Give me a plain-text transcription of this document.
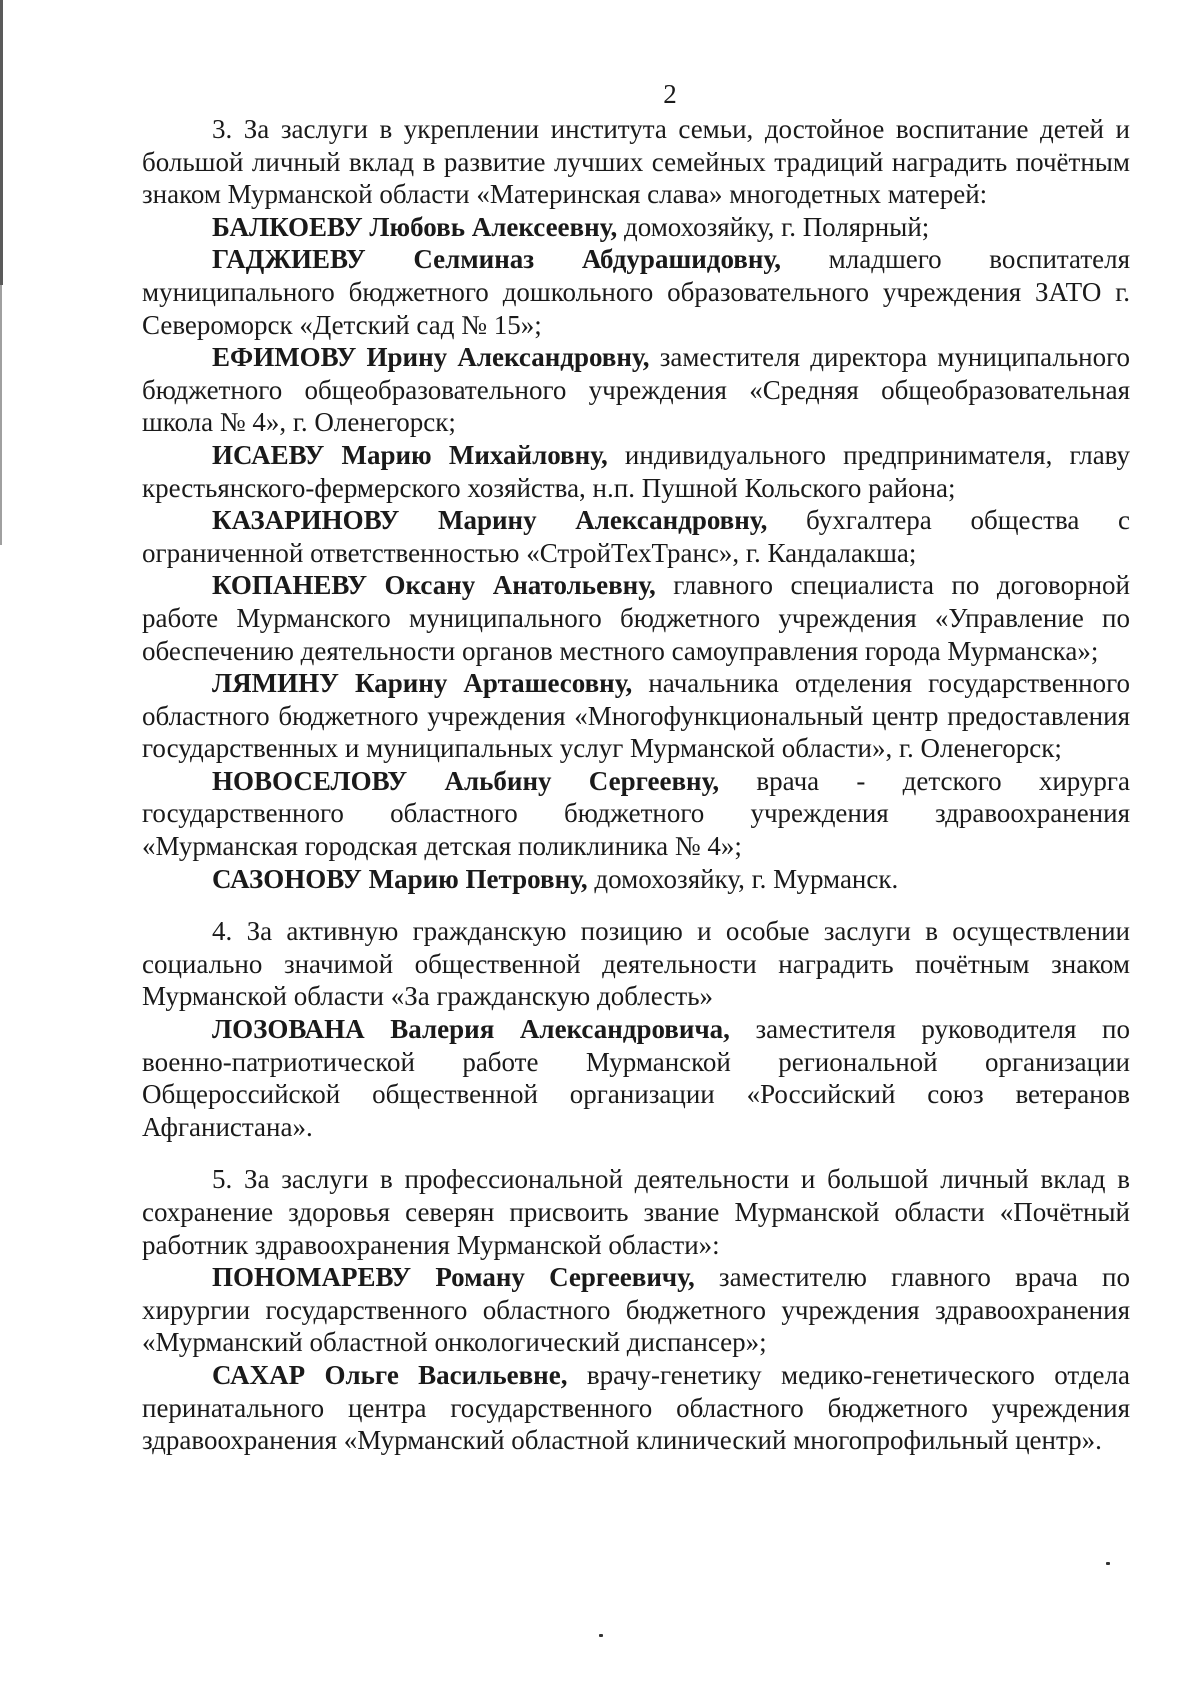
2

3. За заслуги в укреплении института семьи, достойное воспитание детей и большой личный вклад в развитие лучших семейных традиций наградить почётным знаком Мурманской области «Материнская слава» многодетных матерей:

БАЛКОЕВУ Любовь Алексеевну, домохозяйку, г. Полярный;

ГАДЖИЕВУ Селминаз Абдурашидовну, младшего воспитателя муниципального бюджетного дошкольного образовательного учреждения ЗАТО г. Североморск «Детский сад № 15»;

ЕФИМОВУ Ирину Александровну, заместителя директора муниципального бюджетного общеобразовательного учреждения «Средняя общеобразовательная школа № 4», г. Оленегорск;

ИСАЕВУ Марию Михайловну, индивидуального предпринимателя, главу крестьянского-фермерского хозяйства, н.п. Пушной Кольского района;

КАЗАРИНОВУ Марину Александровну, бухгалтера общества с ограниченной ответственностью «СтройТехТранс», г. Кандалакша;

КОПАНЕВУ Оксану Анатольевну, главного специалиста по договорной работе Мурманского муниципального бюджетного учреждения «Управление по обеспечению деятельности органов местного самоуправления города Мурманска»;

ЛЯМИНУ Карину Арташесовну, начальника отделения государственного областного бюджетного учреждения «Многофункциональный центр предоставления государственных и муниципальных услуг Мурманской области», г. Оленегорск;

НОВОСЕЛОВУ Альбину Сергеевну, врача - детского хирурга государственного областного бюджетного учреждения здравоохранения «Мурманская городская детская поликлиника № 4»;

САЗОНОВУ Марию Петровну, домохозяйку, г. Мурманск.

4. За активную гражданскую позицию и особые заслуги в осуществлении социально значимой общественной деятельности наградить почётным знаком Мурманской области «За гражданскую доблесть»

ЛОЗОВАНА Валерия Александровича, заместителя руководителя по военно-патриотической работе Мурманской региональной организации Общероссийской общественной организации «Российский союз ветеранов Афганистана».

5. За заслуги в профессиональной деятельности и большой личный вклад в сохранение здоровья северян присвоить звание Мурманской области «Почётный работник здравоохранения Мурманской области»:

ПОНОМАРЕВУ Роману Сергеевичу, заместителю главного врача по хирургии государственного областного бюджетного учреждения здравоохранения «Мурманский областной онкологический диспансер»;

САХАР Ольге Васильевне, врачу-генетику медико-генетического отдела перинатального центра государственного областного бюджетного учреждения здравоохранения «Мурманский областной клинический многопрофильный центр».
